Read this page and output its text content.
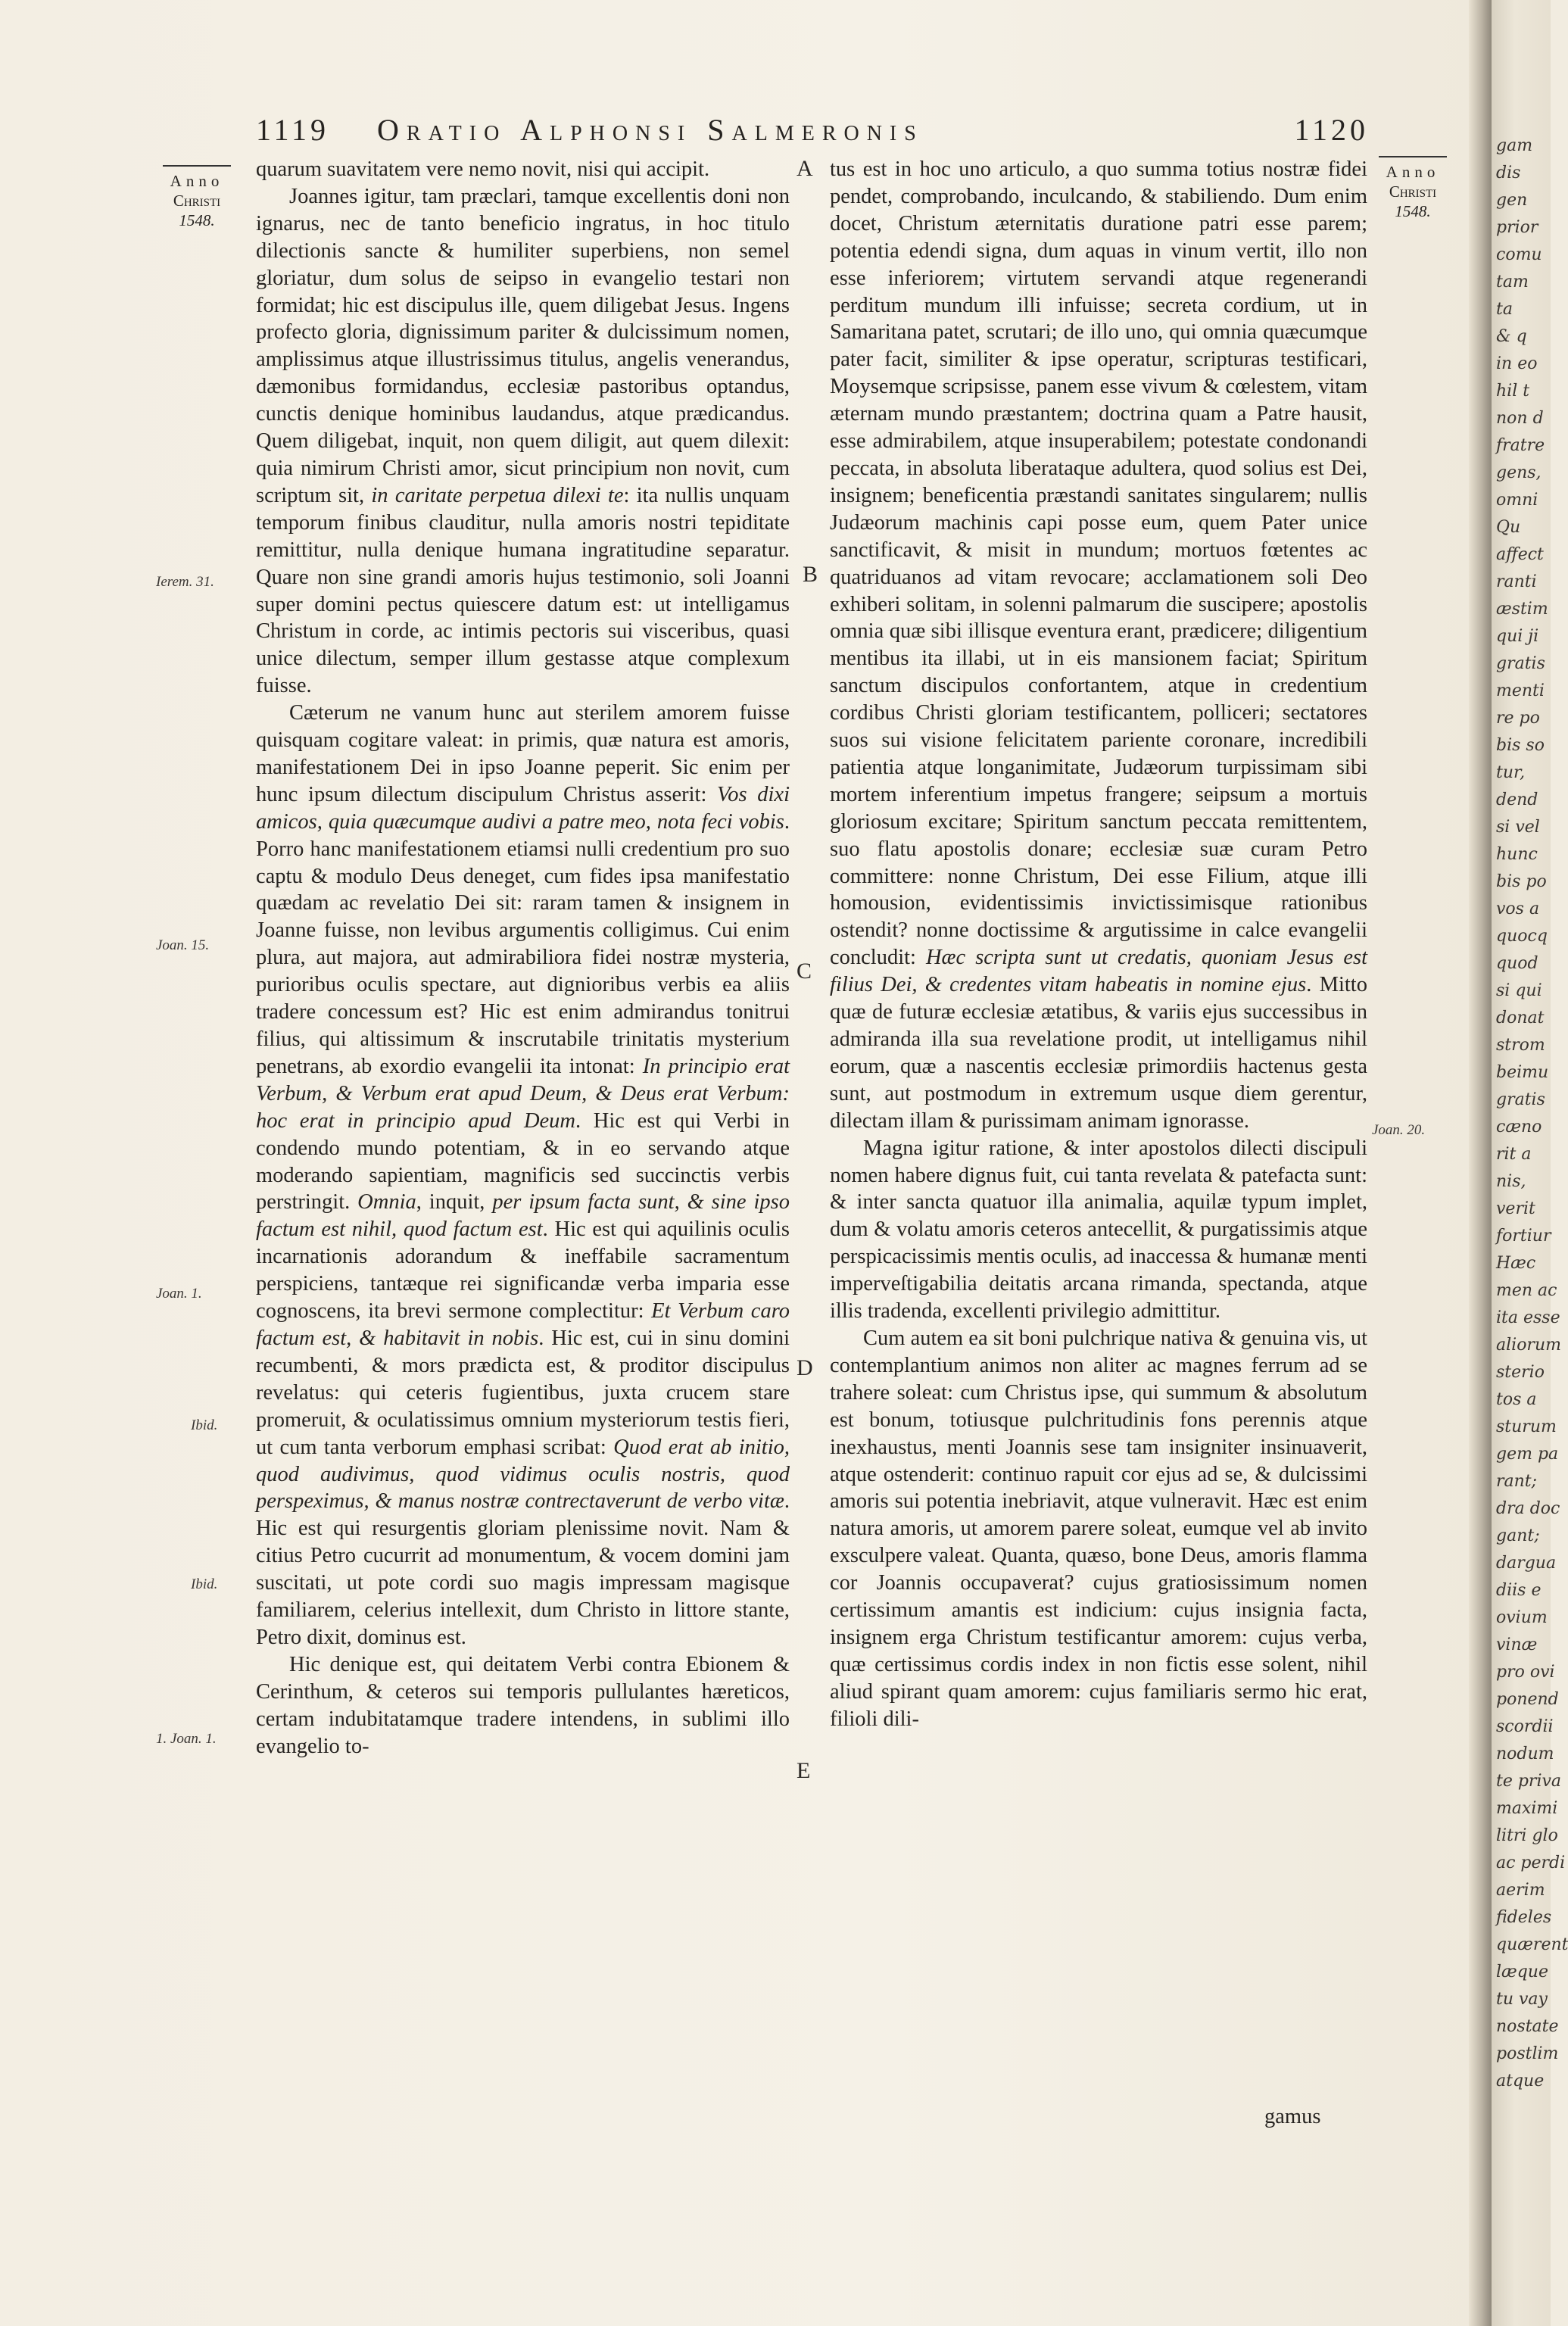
1119 Oratio Alphonsi Salmeronis	1120
Anno
Christi
1548.
Anno
Christi
1548.
Ierem. 31.
Joan. 15.
Joan. 1.
Ibid.
Ibid.
1. Joan. 1.
Joan. 20.
A
B
C
D
E

quarum suavitatem vere nemo novit, nisi qui accipit.

Joannes igitur, tam præclari, tamque excellentis doni non ignarus, nec de tanto beneficio ingratus, in hoc titulo dilectionis sancte & humiliter superbiens, non semel gloriatur, dum solus de seipso in evangelio testari non formidat; hic est discipulus ille, quem diligebat Jesus. Ingens profecto gloria, dignissimum pariter & dulcissimum nomen, amplissimus atque illustrissimus titulus, angelis venerandus, dæmonibus formidandus, ecclesiæ pastoribus optandus, cunctis denique hominibus laudandus, atque prædicandus. Quem diligebat, inquit, non quem diligit, aut quem dilexit: quia nimirum Christi amor, sicut principium non novit, cum scriptum sit, in caritate perpetua dilexi te: ita nullis unquam temporum finibus clauditur, nulla amoris nostri tepiditate remittitur, nulla denique humana ingratitudine separatur. Quare non sine grandi amoris hujus testimonio, soli Joanni super domini pectus quiescere datum est: ut intelligamus Christum in corde, ac intimis pectoris sui visceribus, quasi unice dilectum, semper illum gestasse atque complexum fuisse.

Cæterum ne vanum hunc aut sterilem amorem fuisse quisquam cogitare valeat: in primis, quæ natura est amoris, manifestationem Dei in ipso Joanne peperit. Sic enim per hunc ipsum dilectum discipulum Christus asserit: Vos dixi amicos, quia quæcumque audivi a patre meo, nota feci vobis. Porro hanc manifestationem etiamsi nulli credentium pro suo captu & modulo Deus deneget, cum fides ipsa manifestatio quædam ac revelatio Dei sit: raram tamen & insignem in Joanne fuisse, non levibus argumentis colligimus. Cui enim plura, aut majora, aut admirabiliora fidei nostræ mysteria, purioribus oculis spectare, aut dignioribus verbis ea aliis tradere concessum est? Hic est enim admirandus tonitrui filius, qui altissimum & inscrutabile trinitatis mysterium penetrans, ab exordio evangelii ita intonat: In principio erat Verbum, & Verbum erat apud Deum, & Deus erat Verbum: hoc erat in principio apud Deum. Hic est qui Verbi in condendo mundo potentiam, & in eo servando atque moderando sapientiam, magnificis sed succinctis verbis perstringit. Omnia, inquit, per ipsum facta sunt, & sine ipso factum est nihil, quod factum est. Hic est qui aquilinis oculis incarnationis adorandum & ineffabile sacramentum perspiciens, tantæque rei significandæ verba imparia esse cognoscens, ita brevi sermone complectitur: Et Verbum caro factum est, & habitavit in nobis. Hic est, cui in sinu domini recumbenti, & mors prædicta est, & proditor discipulus revelatus: qui ceteris fugientibus, juxta crucem stare promeruit, & oculatissimus omnium mysteriorum testis fieri, ut cum tanta verborum emphasi scribat: Quod erat ab initio, quod audivimus, quod vidimus oculis nostris, quod perspeximus, & manus nostræ contrectaverunt de verbo vitæ. Hic est qui resurgentis gloriam plenissime novit. Nam & citius Petro cucurrit ad monumentum, & vocem domini jam suscitati, ut pote cordi suo magis impressam magisque familiarem, celerius intellexit, dum Christo in littore stante, Petro dixit, dominus est.

Hic denique est, qui deitatem Verbi contra Ebionem & Cerinthum, & ceteros sui temporis pullulantes hæreticos, certam indubitatamque tradere intendens, in sublimi illo evangelio to-

tus est in hoc uno articulo, a quo summa totius nostræ fidei pendet, comprobando, inculcando, & stabiliendo. Dum enim docet, Christum æternitatis duratione patri esse parem; potentia edendi signa, dum aquas in vinum vertit, illo non esse inferiorem; virtutem servandi atque regenerandi perditum mundum illi infuisse; secreta cordium, ut in Samaritana patet, scrutari; de illo uno, qui omnia quæcumque pater facit, similiter & ipse operatur, scripturas testificari, Moysemque scripsisse, panem esse vivum & cœlestem, vitam æternam mundo præstantem; doctrina quam a Patre hausit, esse admirabilem, atque insuperabilem; potestate condonandi peccata, in absoluta liberataque adultera, quod solius est Dei, insignem; beneficentia præstandi sanitates singularem; nullis Judæorum machinis capi posse eum, quem Pater unice sanctificavit, & misit in mundum; mortuos fœtentes ac quatriduanos ad vitam revocare; acclamationem soli Deo exhiberi solitam, in solenni palmarum die suscipere; apostolis omnia quæ sibi illisque eventura erant, prædicere; diligentium mentibus ita illabi, ut in eis mansionem faciat; Spiritum sanctum discipulos confortantem, atque in credentium cordibus Christi gloriam testificantem, polliceri; sectatores suos sui visione felicitatem pariente coronare, incredibili patientia atque longanimitate, Judæorum turpissimam sibi mortem inferentium impetus frangere; seipsum a mortuis gloriosum excitare; Spiritum sanctum peccata remittentem, suo flatu apostolis donare; ecclesiæ suæ curam Petro committere: nonne Christum, Dei esse Filium, atque illi homousion, evidentissimis invictissimisque rationibus ostendit? nonne doctissime & argutissime in calce evangelii concludit: Hæc scripta sunt ut credatis, quoniam Jesus est filius Dei, & credentes vitam habeatis in nomine ejus. Mitto quæ de futuræ ecclesiæ ætatibus, & variis ejus successibus in admiranda illa sua revelatione prodit, ut intelligamus nihil eorum, quæ a nascentis ecclesiæ primordiis hactenus gesta sunt, aut postmodum in extremum usque diem gerentur, dilectam illam & purissimam animam ignorasse.

Magna igitur ratione, & inter apostolos dilecti discipuli nomen habere dignus fuit, cui tanta revelata & patefacta sunt: & inter sancta quatuor illa animalia, aquilæ typum implet, dum & volatu amoris ceteros antecellit, & purgatissimis atque perspicacissimis mentis oculis, ad inaccessa & humanæ menti imperveſtigabilia deitatis arcana rimanda, spectanda, atque illis tradenda, excellenti privilegio admittitur.

Cum autem ea sit boni pulchrique nativa & genuina vis, ut contemplantium animos non aliter ac magnes ferrum ad se trahere soleat: cum Christus ipse, qui summum & absolutum est bonum, totiusque pulchritudinis fons perennis atque inexhaustus, menti Joannis sese tam insigniter insinuaverit, atque ostenderit: continuo rapuit cor ejus ad se, & dulcissimi amoris sui potentia inebriavit, atque vulneravit. Hæc est enim natura amoris, ut amorem parere soleat, eumque vel ab invito exsculpere valeat. Quanta, quæso, bone Deus, amoris flamma cor Joannis occupaverat? cujus gratiosissimum nomen certissimum amantis est indicium: cujus insignia facta, insignem erga Christum testificantur amorem: cujus verba, quæ certissimus cordis index in non fictis esse solent, nihil aliud spirant quam amorem: cujus familiaris sermo hic erat, filioli dili-

gamus
gam
dis
gen
prior
comu
tam
ta
& q
in eo
hil t
non d
fratre
gens,
omni
Qu
affect
ranti
æstim
qui ji
gratis
menti
re po
bis so
tur,
dend
si vel
hunc
bis po
vos a
quocq
quod
si qui
donat
strom
beimu
gratis
cæno
rit a
nis,
verit
fortiur
Hæc
men ac
ita esse
aliorum
sterio
tos a
sturum
gem pa
rant;
dra doc
gant;
dargua
diis e
ovium
vinæ
pro ovi
ponend
scordii
nodum
te priva
maximi
litri glo
ac perdi
aerim
fideles
quærent
læque
tu vay
nostate
postlim
atque
